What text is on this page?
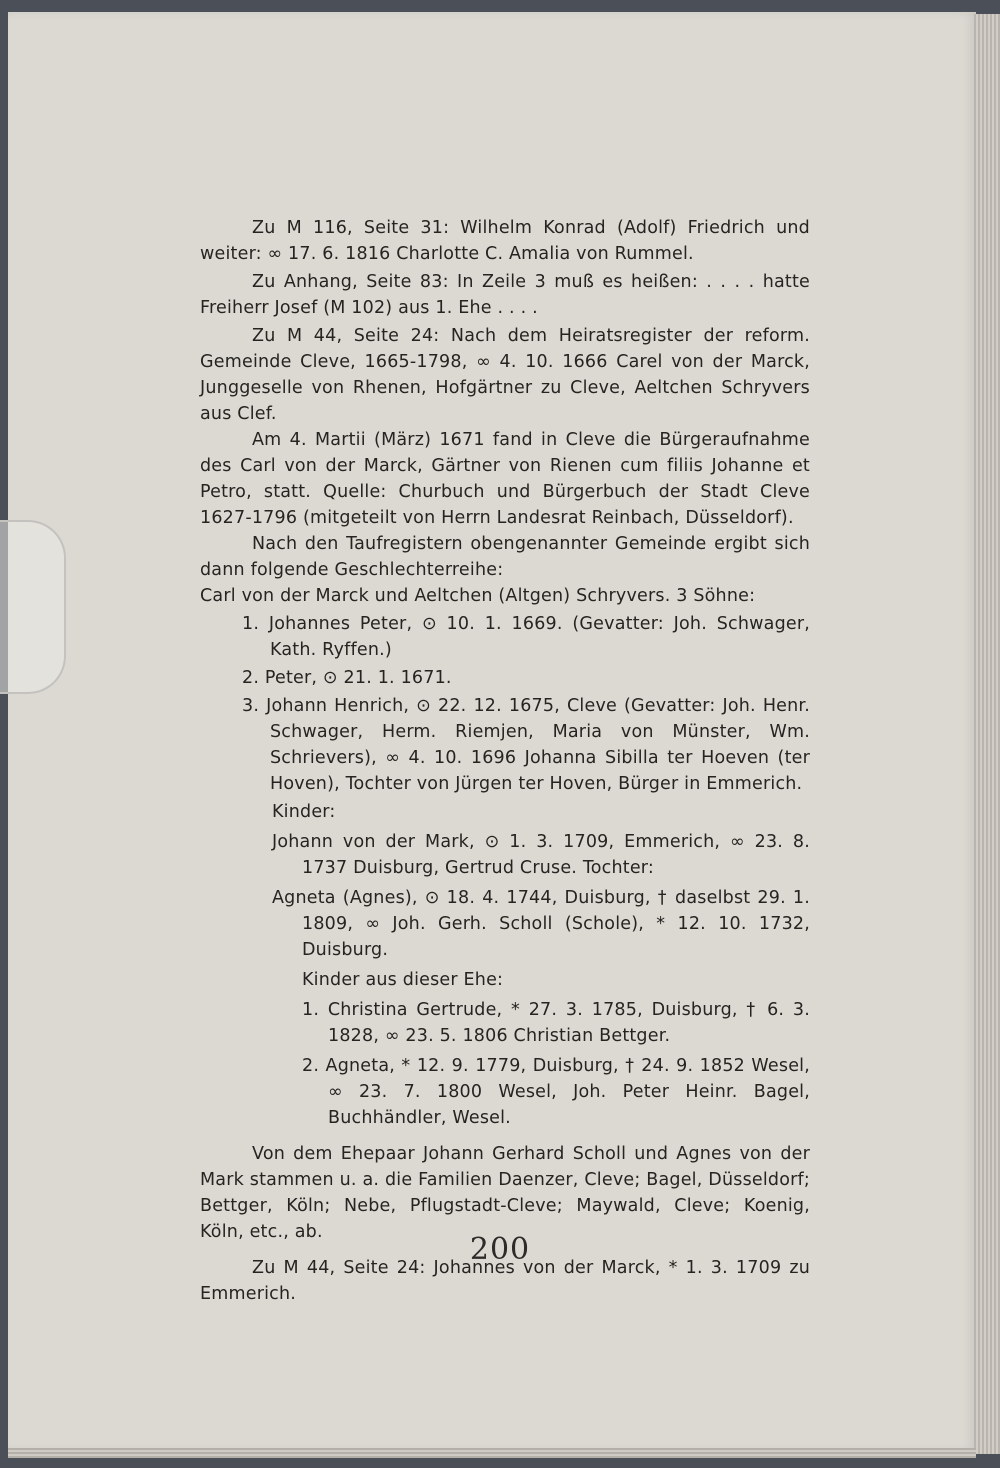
Zu M 116, Seite 31: Wilhelm Konrad (Adolf) Friedrich und weiter: ∞ 17. 6. 1816 Charlotte C. Amalia von Rummel.

Zu Anhang, Seite 83: In Zeile 3 muß es heißen: . . . . hatte Freiherr Josef (M 102) aus 1. Ehe . . . .

Zu M 44, Seite 24: Nach dem Heiratsregister der reform. Gemeinde Cleve, 1665-1798, ∞ 4. 10. 1666 Carel von der Marck, Junggeselle von Rhenen, Hofgärtner zu Cleve, Aeltchen Schryvers aus Clef.

Am 4. Martii (März) 1671 fand in Cleve die Bürgeraufnahme des Carl von der Marck, Gärtner von Rienen cum filiis Johanne et Petro, statt. Quelle: Churbuch und Bürgerbuch der Stadt Cleve 1627-1796 (mitgeteilt von Herrn Landesrat Reinbach, Düsseldorf).

Nach den Taufregistern obengenannter Gemeinde ergibt sich dann folgende Geschlechterreihe:

Carl von der Marck und Aeltchen (Altgen) Schryvers. 3 Söhne:

1. Johannes Peter, ⊙ 10. 1. 1669. (Gevatter: Joh. Schwager, Kath. Ryffen.)

2. Peter, ⊙ 21. 1. 1671.

3. Johann Henrich, ⊙ 22. 12. 1675, Cleve (Gevatter: Joh. Henr. Schwager, Herm. Riemjen, Maria von Münster, Wm. Schrievers), ∞ 4. 10. 1696 Johanna Sibilla ter Hoeven (ter Hoven), Tochter von Jürgen ter Hoven, Bürger in Emmerich.

Kinder:

Johann von der Mark, ⊙ 1. 3. 1709, Emmerich, ∞ 23. 8. 1737 Duisburg, Gertrud Cruse. Tochter:

Agneta (Agnes), ⊙ 18. 4. 1744, Duisburg, † daselbst 29. 1. 1809, ∞ Joh. Gerh. Scholl (Schole), * 12. 10. 1732, Duisburg.

Kinder aus dieser Ehe:

1. Christina Gertrude, * 27. 3. 1785, Duisburg, † 6. 3. 1828, ∞ 23. 5. 1806 Christian Bettger.

2. Agneta, * 12. 9. 1779, Duisburg, † 24. 9. 1852 Wesel, ∞ 23. 7. 1800 Wesel, Joh. Peter Heinr. Bagel, Buchhändler, Wesel.

Von dem Ehepaar Johann Gerhard Scholl und Agnes von der Mark stammen u. a. die Familien Daenzer, Cleve; Bagel, Düsseldorf; Bettger, Köln; Nebe, Pflugstadt-Cleve; Maywald, Cleve; Koenig, Köln, etc., ab.

Zu M 44, Seite 24: Johannes von der Marck, * 1. 3. 1709 zu Emmerich.

200
